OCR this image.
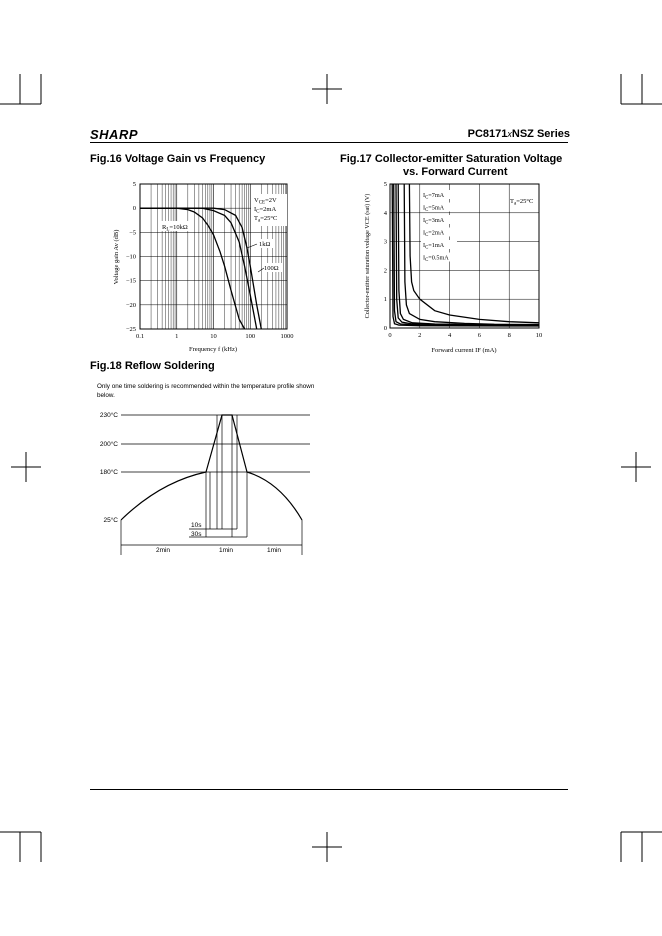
SHARP	PC8171xNSZ Series
Fig.16 Voltage Gain vs Frequency	Fig.17 Collector-emitter Saturation Voltage
vs. Forward Current
5
0
−5
−10
−15
−20
−25
0.1	1	10	100	1000
$V_{CE}=2V$
$I_C=2mA$
$T_a=25^\circ C$
$R_L=10k\Omega$
1kΩ
100Ω
Frequency f (kHz)
Voltage gain Av (dB)
0
1
2
3
4
5
0	2	4	6	8	10
$T_a=25^\circ C$
$I_C=7mA$
$I_C=5mA$
$I_C=3mA$
$I_C=2mA$
$I_C=1mA$
$I_C=0.5mA$
Forward current IF (mA)
Collector-emitter saturation voltage VCE (sat) (V)
Fig.18 Reflow Soldering
Only one time soldering is recommended within the temperature profile shown below.
230°C
200°C
180°C
25°C
10s
30s
2min	1min	1min
